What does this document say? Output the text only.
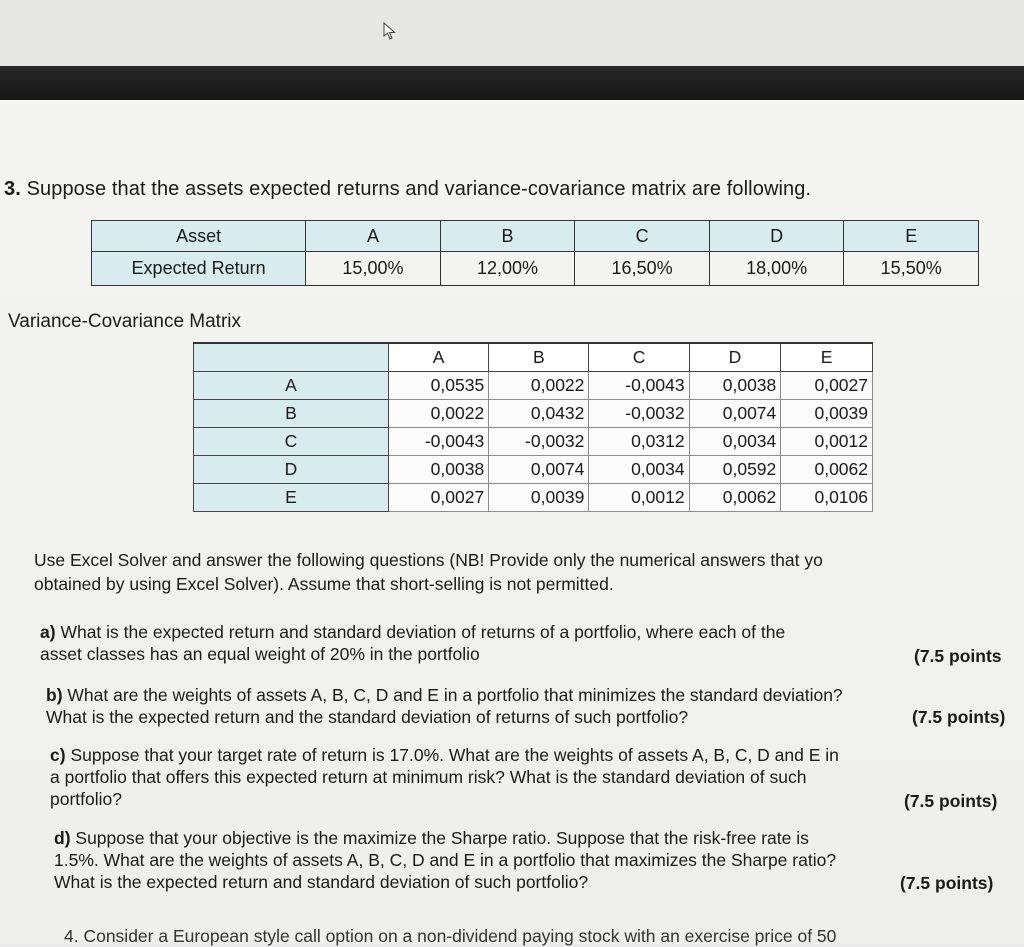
3. Suppose that the assets expected returns and variance-covariance matrix are following.
Asset	A	B	C	D	E
Expected Return	15,00%	12,00%	16,50%	18,00%	15,50%
Variance-Covariance Matrix
	A	B	C	D	E
A	0,0535	0,0022	-0,0043	0,0038	0,0027
B	0,0022	0,0432	-0,0032	0,0074	0,0039
C	-0,0043	-0,0032	0,0312	0,0034	0,0012
D	0,0038	0,0074	0,0034	0,0592	0,0062
E	0,0027	0,0039	0,0012	0,0062	0,0106
Use Excel Solver and answer the following questions (NB! Provide only the numerical answers that yo
obtained by using Excel Solver). Assume that short-selling is not permitted.
a) What is the expected return and standard deviation of returns of a portfolio, where each of the
asset classes has an equal weight of 20% in the portfolio	(7.5 points
b) What are the weights of assets A, B, C, D and E in a portfolio that minimizes the standard deviation?
What is the expected return and the standard deviation of returns of such portfolio?	(7.5 points)
c) Suppose that your target rate of return is 17.0%. What are the weights of assets A, B, C, D and E in
a portfolio that offers this expected return at minimum risk? What is the standard deviation of such
portfolio?	(7.5 points)
d) Suppose that your objective is the maximize the Sharpe ratio. Suppose that the risk-free rate is
1.5%. What are the weights of assets A, B, C, D and E in a portfolio that maximizes the Sharpe ratio?
What is the expected return and standard deviation of such portfolio?	(7.5 points)
4. Consider a European style call option on a non-dividend paying stock with an exercise price of 50
